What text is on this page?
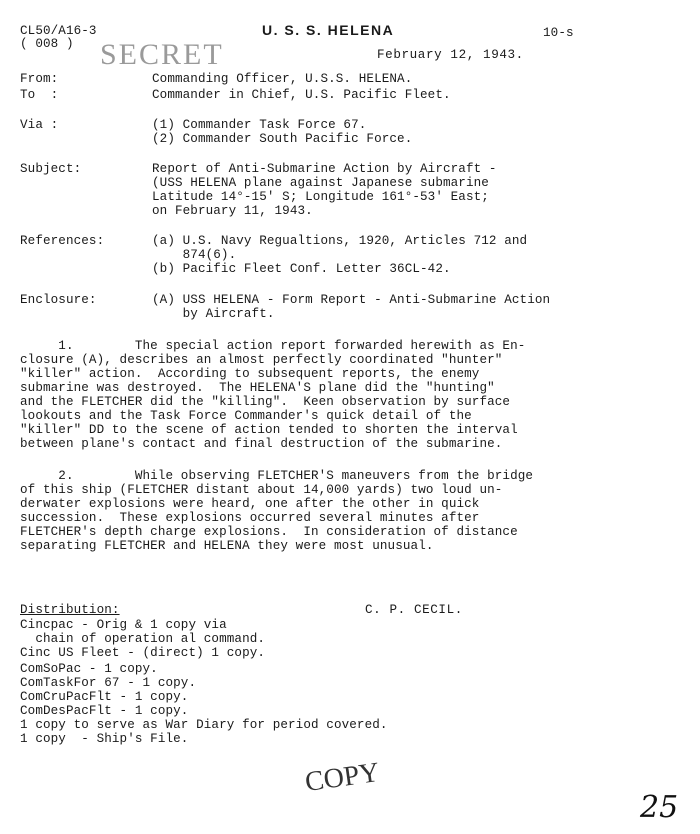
CL50/A16-3
( 008 )
U. S. S. HELENA	10-s
SECRET	February 12, 1943.
From:	Commanding Officer, U.S.S. HELENA.
To  :	Commander in Chief, U.S. Pacific Fleet.
Via :	(1) Commander Task Force 67.
(2) Commander South Pacific Force.
Subject:	Report of Anti-Submarine Action by Aircraft -
(USS HELENA plane against Japanese submarine
Latitude 14°-15' S; Longitude 161°-53' East;
on February 11, 1943.
References:	(a) U.S. Navy Regualtions, 1920, Articles 712 and
874(6).
(b) Pacific Fleet Conf. Letter 36CL-42.
Enclosure:	(A) USS HELENA - Form Report - Anti-Submarine Action
by Aircraft.
1.        The special action report forwarded herewith as En-
closure (A), describes an almost perfectly coordinated "hunter"
"killer" action.  According to subsequent reports, the enemy
submarine was destroyed.  The HELENA'S plane did the "hunting"
and the FLETCHER did the "killing".  Keen observation by surface
lookouts and the Task Force Commander's quick detail of the
"killer" DD to the scene of action tended to shorten the interval
between plane's contact and final destruction of the submarine.
2.        While observing FLETCHER'S maneuvers from the bridge
of this ship (FLETCHER distant about 14,000 yards) two loud un-
derwater explosions were heard, one after the other in quick
succession.  These explosions occurred several minutes after
FLETCHER's depth charge explosions.  In consideration of distance
separating FLETCHER and HELENA they were most unusual.
C. P. CECIL.
Distribution:
Cincpac - Orig & 1 copy via
chain of operation al command.
Cinc US Fleet - (direct) 1 copy.
ComSoPac - 1 copy.
ComTaskFor 67 - 1 copy.
ComCruPacFlt - 1 copy.
ComDesPacFlt - 1 copy.
1 copy to serve as War Diary for period covered.
1 copy  - Ship's File.
COPY
25
